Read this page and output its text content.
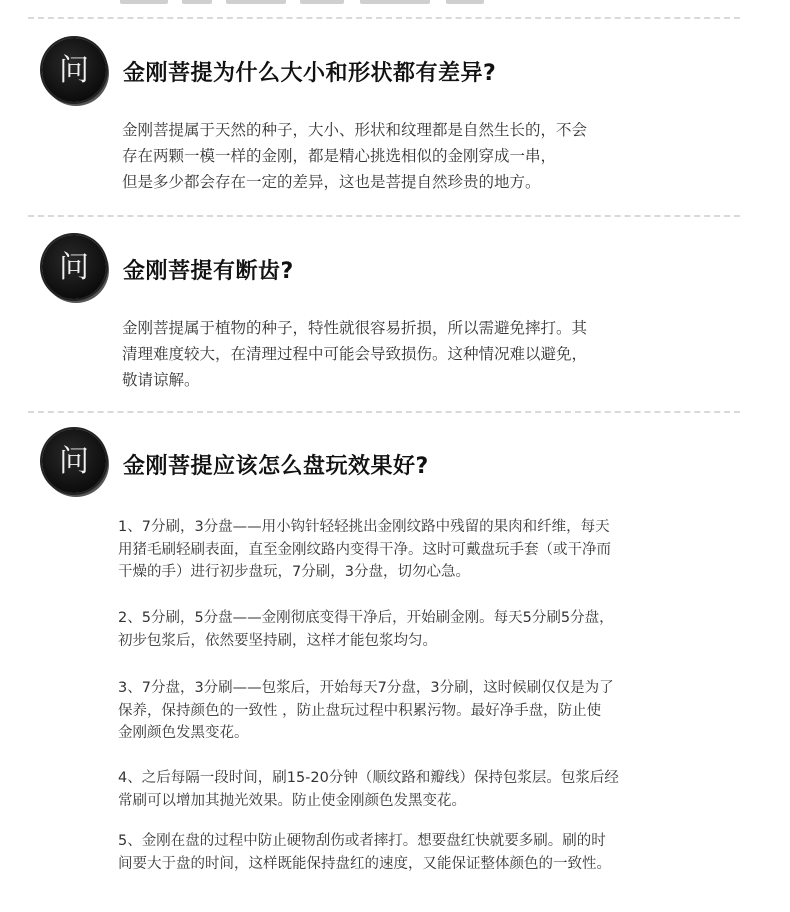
问 金刚菩提为什么大小和形状都有差异?

金刚菩提属于天然的种子，大小、形状和纹理都是自然生长的，不会

存在两颗一模一样的金刚，都是精心挑选相似的金刚穿成一串，

但是多少都会存在一定的差异，这也是菩提自然珍贵的地方。

问 金刚菩提有断齿?

金刚菩提属于植物的种子，特性就很容易折损，所以需避免摔打。其

清理难度较大，在清理过程中可能会导致损伤。这种情况难以避免，

敬请谅解。

问 金刚菩提应该怎么盘玩效果好?

1、7分刷，3分盘——用小钩针轻轻挑出金刚纹路中残留的果肉和纤维，每天

用猪毛刷轻刷表面，直至金刚纹路内变得干净。这时可戴盘玩手套（或干净而

干燥的手）进行初步盘玩，7分刷，3分盘，切勿心急。

2、5分刷，5分盘——金刚彻底变得干净后，开始刷金刚。每天5分刷5分盘，

初步包浆后，依然要坚持刷，这样才能包浆均匀。

3、7分盘，3分刷——包浆后，开始每天7分盘，3分刷，这时候刷仅仅是为了

保养，保持颜色的一致性 ，防止盘玩过程中积累污物。最好净手盘，防止使

金刚颜色发黑变花。

4、之后每隔一段时间，刷15-20分钟（顺纹路和瓣线）保持包浆层。包浆后经

常刷可以增加其抛光效果。防止使金刚颜色发黑变花。

5、金刚在盘的过程中防止硬物刮伤或者摔打。想要盘红快就要多刷。刷的时

间要大于盘的时间，这样既能保持盘红的速度，又能保证整体颜色的一致性。
